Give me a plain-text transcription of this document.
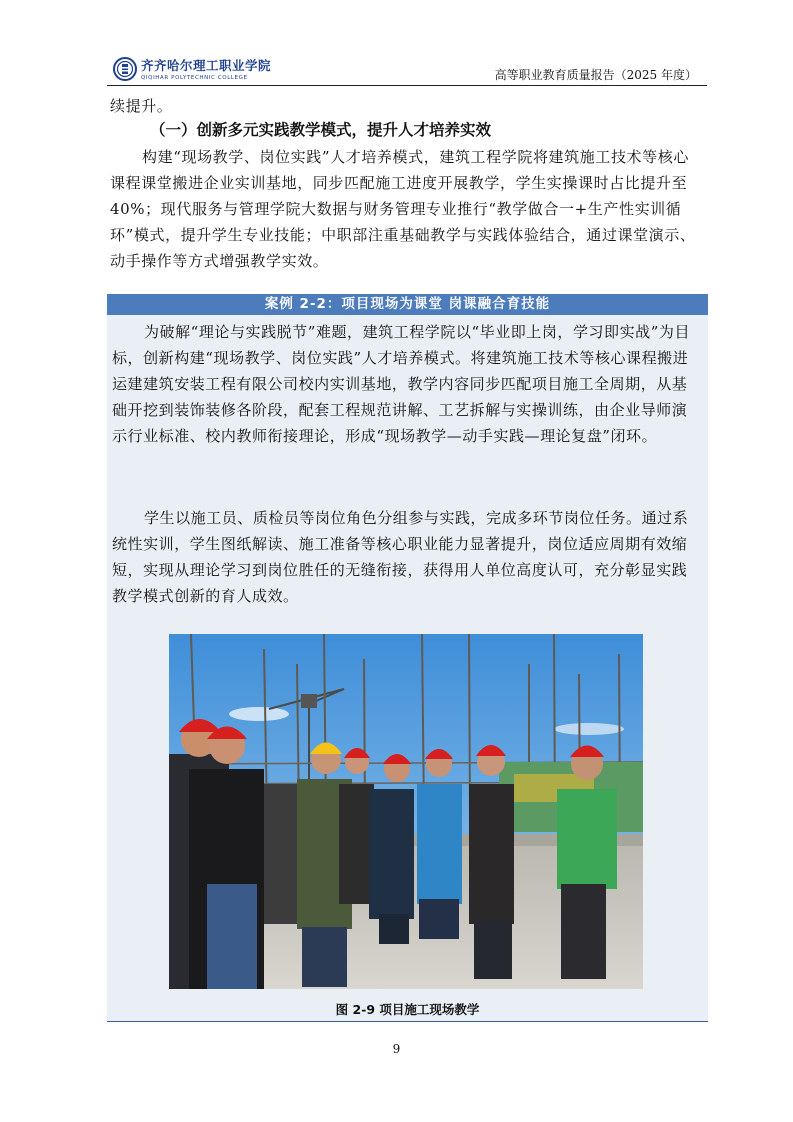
齐齐哈尔理工职业学院
QIQIHAR POLYTECHNIC COLLEGE	高等职业教育质量报告（2025 年度）
续提升。
（一）创新多元实践教学模式，提升人才培养实效
构建“现场教学、岗位实践”人才培养模式，建筑工程学院将建筑施工技术等核心课程课堂搬进企业实训基地，同步匹配施工进度开展教学，学生实操课时占比提升至 40%；现代服务与管理学院大数据与财务管理专业推行“教学做合一+生产性实训循环”模式，提升学生专业技能；中职部注重基础教学与实践体验结合，通过课堂演示、动手操作等方式增强教学实效。
案例 2-2：项目现场为课堂 岗课融合育技能
为破解“理论与实践脱节”难题，建筑工程学院以“毕业即上岗，学习即实战”为目标，创新构建“现场教学、岗位实践”人才培养模式。将建筑施工技术等核心课程搬进运建建筑安装工程有限公司校内实训基地，教学内容同步匹配项目施工全周期，从基础开挖到装饰装修各阶段，配套工程规范讲解、工艺拆解与实操训练，由企业导师演示行业标准、校内教师衔接理论，形成“现场教学—动手实践—理论复盘”闭环。
学生以施工员、质检员等岗位角色分组参与实践，完成多环节岗位任务。通过系统性实训，学生图纸解读、施工准备等核心职业能力显著提升，岗位适应周期有效缩短，实现从理论学习到岗位胜任的无缝衔接，获得用人单位高度认可，充分彰显实践教学模式创新的育人成效。
图 2-9 项目施工现场教学
9
